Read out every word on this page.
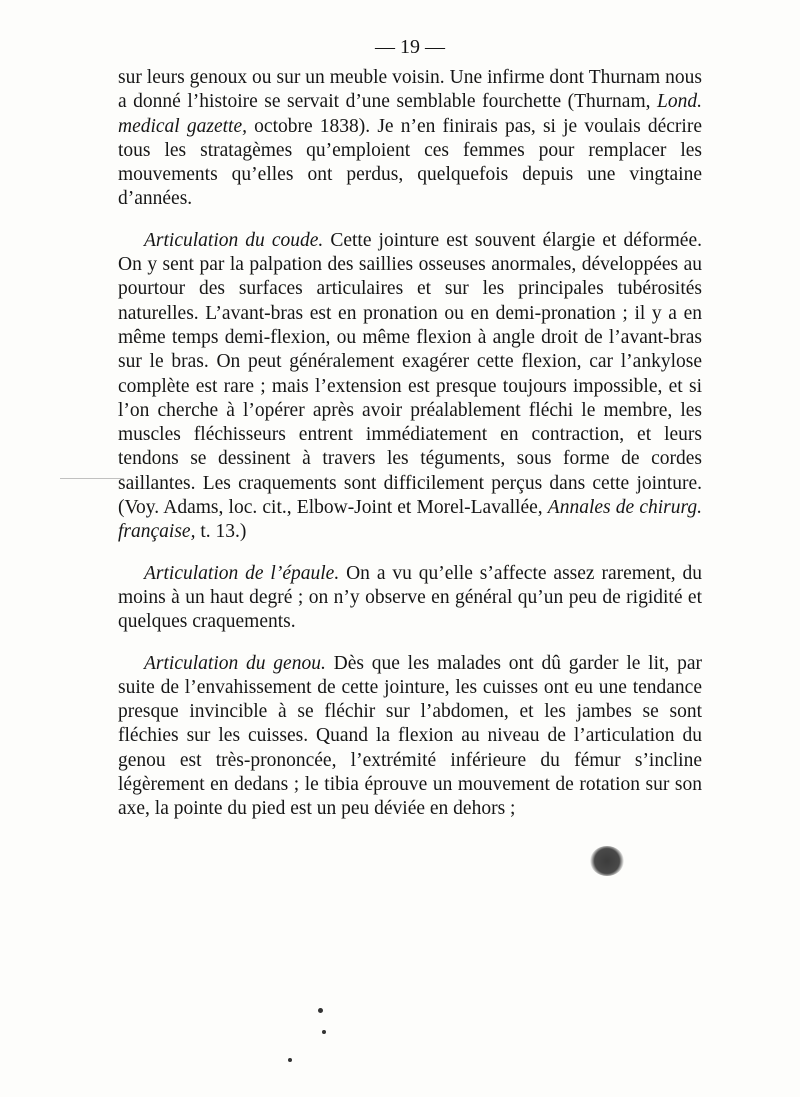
— 19 —

sur leurs genoux ou sur un meuble voisin. Une infirme dont Thurnam nous a donné l’histoire se servait d’une semblable fourchette (Thurnam, Lond. medical gazette, octobre 1838). Je n’en finirais pas, si je voulais décrire tous les stratagèmes qu’emploient ces femmes pour remplacer les mouvements qu’elles ont perdus, quelquefois depuis une vingtaine d’années.

Articulation du coude. Cette jointure est souvent élargie et déformée. On y sent par la palpation des saillies osseuses anormales, développées au pourtour des surfaces articulaires et sur les principales tubérosités naturelles. L’avant-bras est en pronation ou en demi-pronation ; il y a en même temps demi-flexion, ou même flexion à angle droit de l’avant-bras sur le bras. On peut généralement exagérer cette flexion, car l’ankylose complète est rare ; mais l’extension est presque toujours impossible, et si l’on cherche à l’opérer après avoir préalablement fléchi le membre, les muscles fléchisseurs entrent immédiatement en contraction, et leurs tendons se dessinent à travers les téguments, sous forme de cordes saillantes. Les craquements sont difficilement perçus dans cette jointure. (Voy. Adams, loc. cit., Elbow-Joint et Morel-Lavallée, Annales de chirurg. française, t. 13.)

Articulation de l’épaule. On a vu qu’elle s’affecte assez rarement, du moins à un haut degré ; on n’y observe en général qu’un peu de rigidité et quelques craquements.

Articulation du genou. Dès que les malades ont dû garder le lit, par suite de l’envahissement de cette jointure, les cuisses ont eu une tendance presque invincible à se fléchir sur l’abdomen, et les jambes se sont fléchies sur les cuisses. Quand la flexion au niveau de l’articulation du genou est très-prononcée, l’extrémité inférieure du fémur s’incline légèrement en dedans ; le tibia éprouve un mouvement de rotation sur son axe, la pointe du pied est un peu déviée en dehors ;
